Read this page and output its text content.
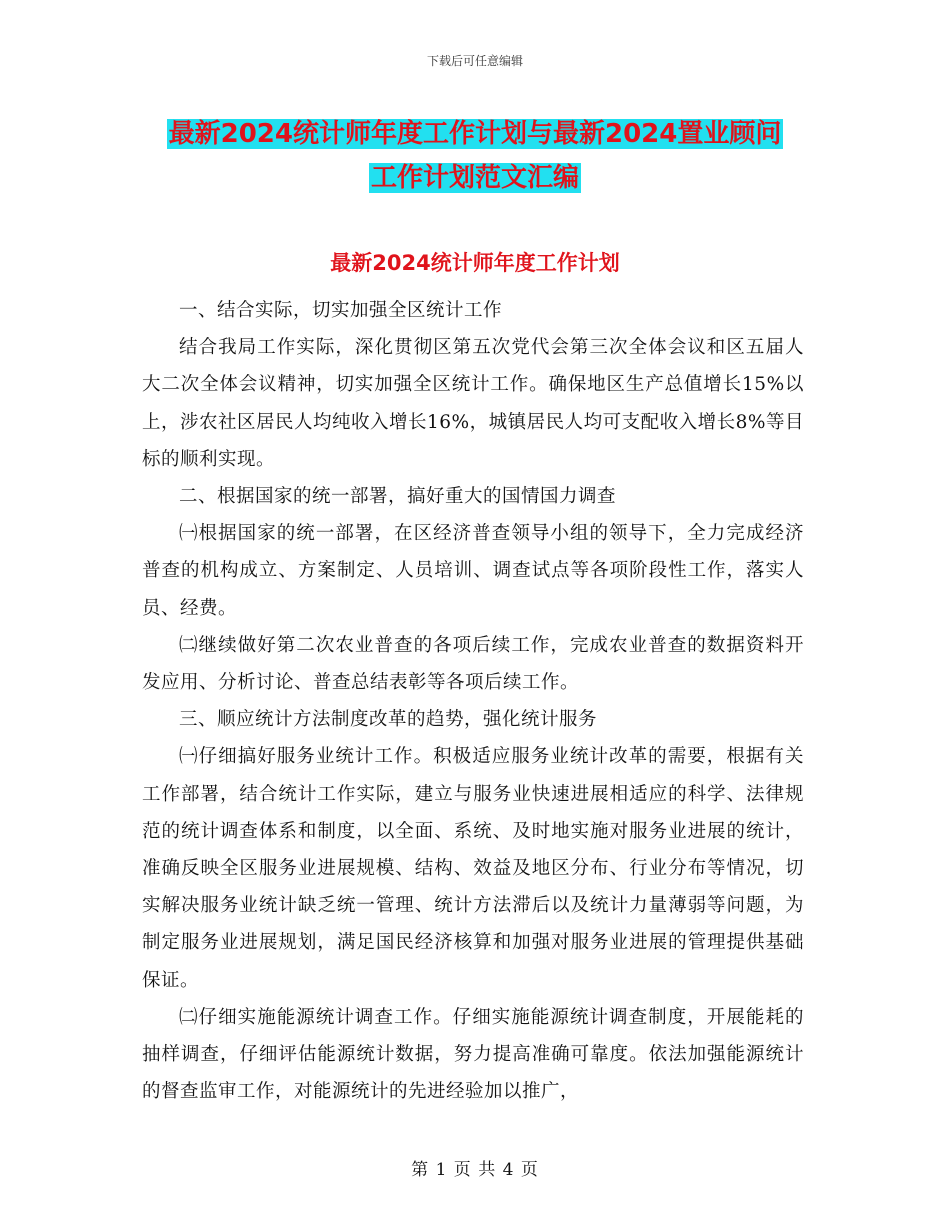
下载后可任意编辑
最新2024统计师年度工作计划与最新2024置业顾问
工作计划范文汇编
最新2024统计师年度工作计划

一、结合实际，切实加强全区统计工作

结合我局工作实际，深化贯彻区第五次党代会第三次全体会议和区五届人大二次全体会议精神，切实加强全区统计工作。确保地区生产总值增长15%以上，涉农社区居民人均纯收入增长16%，城镇居民人均可支配收入增长8%等目标的顺利实现。

二、根据国家的统一部署，搞好重大的国情国力调查

㈠根据国家的统一部署，在区经济普查领导小组的领导下，全力完成经济普查的机构成立、方案制定、人员培训、调查试点等各项阶段性工作，落实人员、经费。

㈡继续做好第二次农业普查的各项后续工作，完成农业普查的数据资料开发应用、分析讨论、普查总结表彰等各项后续工作。

三、顺应统计方法制度改革的趋势，强化统计服务

㈠仔细搞好服务业统计工作。积极适应服务业统计改革的需要，根据有关工作部署，结合统计工作实际，建立与服务业快速进展相适应的科学、法律规范的统计调查体系和制度，以全面、系统、及时地实施对服务业进展的统计，准确反映全区服务业进展规模、结构、效益及地区分布、行业分布等情况，切实解决服务业统计缺乏统一管理、统计方法滞后以及统计力量薄弱等问题，为制定服务业进展规划，满足国民经济核算和加强对服务业进展的管理提供基础保证。

㈡仔细实施能源统计调查工作。仔细实施能源统计调查制度，开展能耗的抽样调查，仔细评估能源统计数据，努力提高准确可靠度。依法加强能源统计的督查监审工作，对能源统计的先进经验加以推广，

第 1 页 共 4 页
